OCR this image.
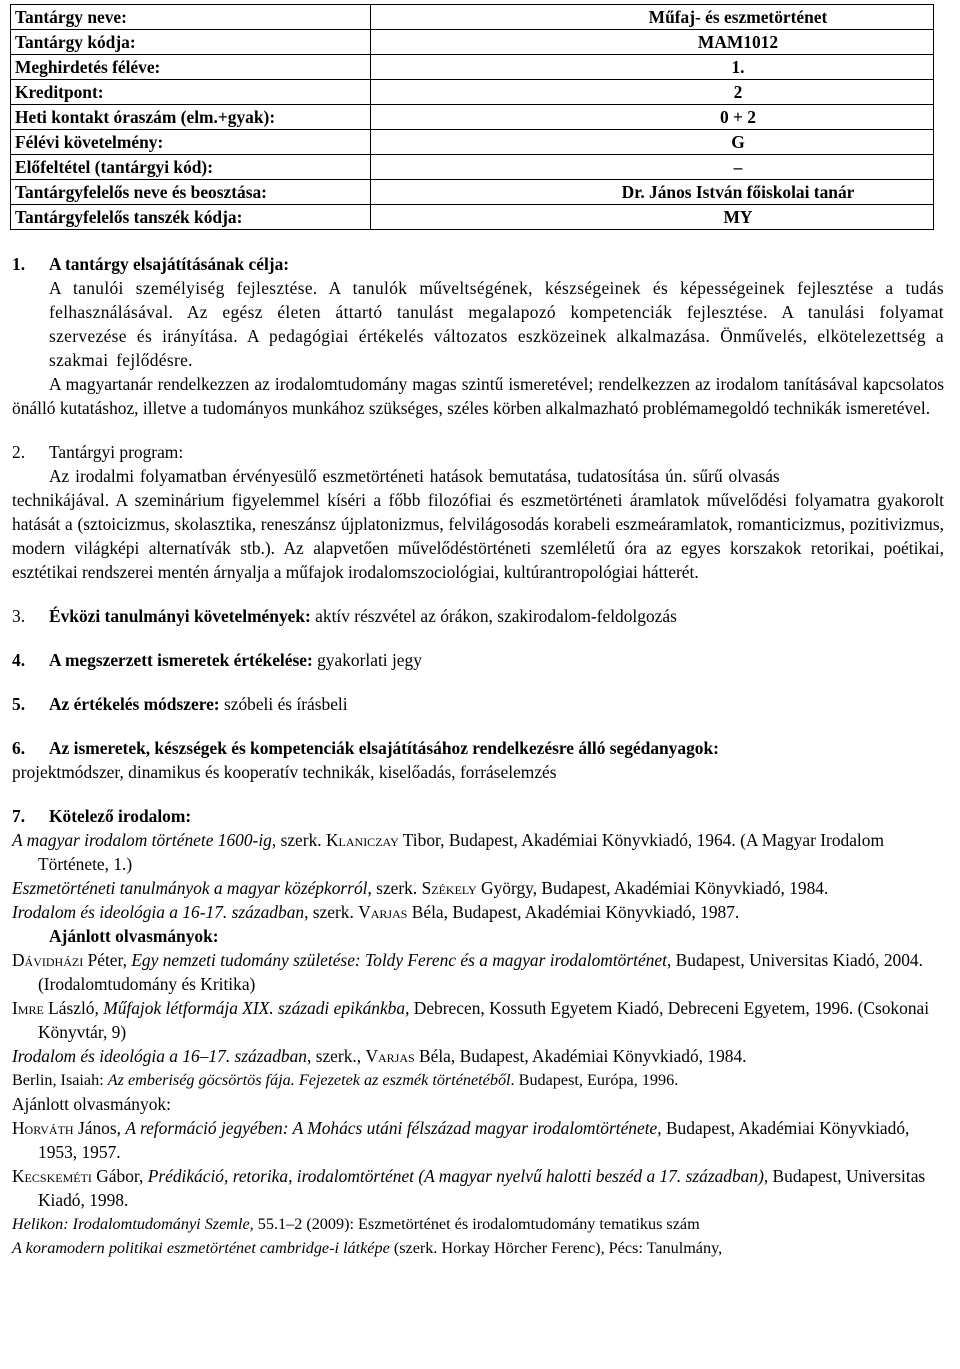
Tantárgy neve:	Műfaj- és eszmetörténet
Tantárgy kódja:	MAM1012
Meghirdetés féléve:	1.
Kreditpont:	2
Heti kontakt óraszám (elm.+gyak):	0 + 2
Félévi követelmény:	G
Előfeltétel (tantárgyi kód):	–
Tantárgyfelelős neve és beosztása:	Dr. János István főiskolai tanár
Tantárgyfelelős tanszék kódja:	MY
1. A tantárgy elsajátításának célja:

A tanulói személyiség fejlesztése. A tanulók műveltségének, készségeinek és képességeinek fejlesztése a tudás felhasználásával. Az egész életen áttartó tanulást megalapozó kompetenciák fejlesztése. A tanulási folyamat szervezése és irányítása. A pedagógiai értékelés változatos eszközeinek alkalmazása. Önművelés, elkötelezettség a szakmai fejlődésre.

A magyartanár rendelkezzen az irodalomtudomány magas szintű ismeretével; rendelkezzen az irodalom tanításával kapcsolatos önálló kutatáshoz, illetve a tudományos munkához szükséges, széles körben alkalmazható problémamegoldó technikák ismeretével.

2. Tantárgyi program:

Az irodalmi folyamatban érvényesülő eszmetörténeti hatások bemutatása, tudatosítása ún. sűrű olvasás

technikájával. A szeminárium figyelemmel kíséri a főbb filozófiai és eszmetörténeti áramlatok művelődési folyamatra gyakorolt hatását a (sztoicizmus, skolasztika, reneszánsz újplatonizmus, felvilágosodás korabeli eszmeáramlatok, romanticizmus, pozitivizmus, modern világképi alternatívák stb.). Az alapvetően művelődéstörténeti szemléletű óra az egyes korszakok retorikai, poétikai, esztétikai rendszerei mentén árnyalja a műfajok irodalomszociológiai, kultúrantropológiai hátterét.

3. Évközi tanulmányi követelmények: aktív részvétel az órákon, szakirodalom-feldolgozás
4. A megszerzett ismeretek értékelése: gyakorlati jegy
5. Az értékelés módszere: szóbeli és írásbeli
6. Az ismeretek, készségek és kompetenciák elsajátításához rendelkezésre álló segédanyagok:

projektmódszer, dinamikus és kooperatív technikák, kiselőadás, forráselemzés

7. Kötelező irodalom:

A magyar irodalom története 1600-ig, szerk. Klaniczay Tibor, Budapest, Akadémiai Könyvkiadó, 1964. (A Magyar Irodalom Története, 1.)

Eszmetörténeti tanulmányok a magyar középkorról, szerk. Székely György, Budapest, Akadémiai Könyvkiadó, 1984.

Irodalom és ideológia a 16-17. században, szerk. Varjas Béla, Budapest, Akadémiai Könyvkiadó, 1987.

Ajánlott olvasmányok:

Dávidházi Péter, Egy nemzeti tudomány születése: Toldy Ferenc és a magyar irodalomtörténet, Budapest, Universitas Kiadó, 2004. (Irodalomtudomány és Kritika)

Imre László, Műfajok létformája XIX. századi epikánkba, Debrecen, Kossuth Egyetem Kiadó, Debreceni Egyetem, 1996. (Csokonai Könyvtár, 9)

Irodalom és ideológia a 16–17. században, szerk., Varjas Béla, Budapest, Akadémiai Könyvkiadó, 1984.

Berlin, Isaiah: Az emberiség göcsörtös fája. Fejezetek az eszmék történetéből. Budapest, Európa, 1996.

Ajánlott olvasmányok:

Horváth János, A reformáció jegyében: A Mohács utáni félszázad magyar irodalomtörténete, Budapest, Akadémiai Könyvkiadó, 1953, 1957.

Kecskeméti Gábor, Prédikáció, retorika, irodalomtörténet (A magyar nyelvű halotti beszéd a 17. században), Budapest, Universitas Kiadó, 1998.

Helikon: Irodalomtudományi Szemle, 55.1–2 (2009): Eszmetörténet és irodalomtudomány tematikus szám

A koramodern politikai eszmetörténet cambridge-i látképe (szerk. Horkay Hörcher Ferenc), Pécs: Tanulmány,
